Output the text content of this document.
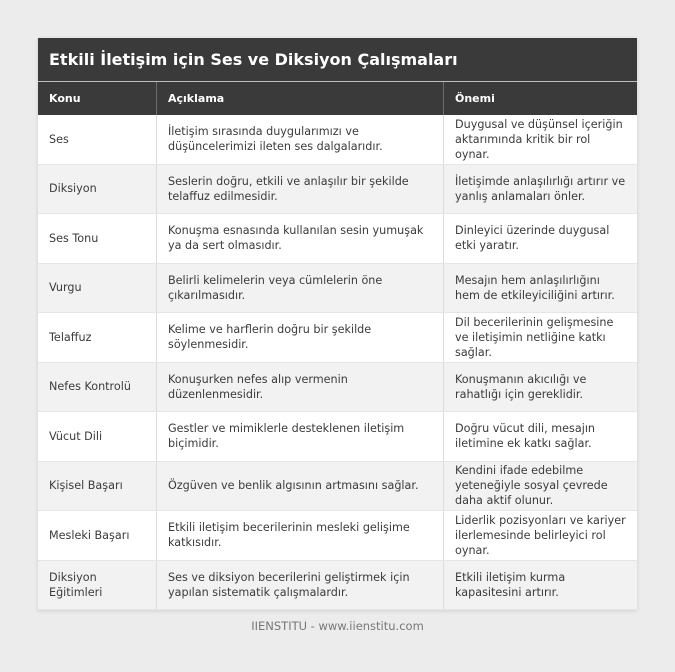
Etkili İletişim için Ses ve Diksiyon Çalışmaları
Konu	Açıklama	Önemi
Ses	İletişim sırasında duygularımızı ve düşüncelerimizi ileten ses dalgalarıdır.	Duygusal ve düşünsel içeriğin aktarımında kritik bir rol oynar.
Diksiyon	Seslerin doğru, etkili ve anlaşılır bir şekilde telaffuz edilmesidir.	İletişimde anlaşılırlığı artırır ve yanlış anlamaları önler.
Ses Tonu	Konuşma esnasında kullanılan sesin yumuşak ya da sert olmasıdır.	Dinleyici üzerinde duygusal etki yaratır.
Vurgu	Belirli kelimelerin veya cümlelerin öne çıkarılmasıdır.	Mesajın hem anlaşılırlığını hem de etkileyiciliğini artırır.
Telaffuz	Kelime ve harflerin doğru bir şekilde söylenmesidir.	Dil becerilerinin gelişmesine ve iletişimin netliğine katkı sağlar.
Nefes Kontrolü	Konuşurken nefes alıp vermenin düzenlenmesidir.	Konuşmanın akıcılığı ve rahatlığı için gereklidir.
Vücut Dili	Gestler ve mimiklerle desteklenen iletişim biçimidir.	Doğru vücut dili, mesajın iletimine ek katkı sağlar.
Kişisel Başarı	Özgüven ve benlik algısının artmasını sağlar.	Kendini ifade edebilme yeteneğiyle sosyal çevrede daha aktif olunur.
Mesleki Başarı	Etkili iletişim becerilerinin mesleki gelişime katkısıdır.	Liderlik pozisyonları ve kariyer ilerlemesinde belirleyici rol oynar.
Diksiyon Eğitimleri	Ses ve diksiyon becerilerini geliştirmek için yapılan sistematik çalışmalardır.	Etkili iletişim kurma kapasitesini artırır.
IIENSTITU - www.iienstitu.com
